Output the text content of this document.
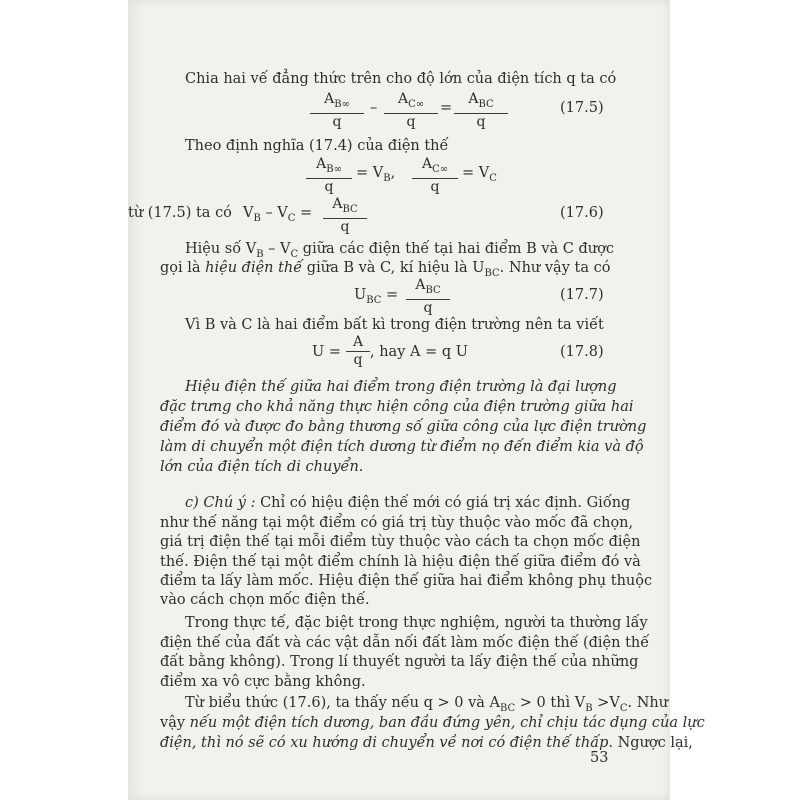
Chia hai vế đẳng thức trên cho độ lớn của điện tích q ta có
$\frac{A_{B\infty}}{q} - \frac{A_{C\infty}}{q}$ =
$A_{BC}$
q
(17.5)
Theo định nghĩa (17.4) của điện thế
$\frac{A_{B\infty}}{q} = V_B$, $\frac{A_{C\infty}}{q} = V_C$
từ (17.5) ta có $V_B - V_C$ =
$A_{BC}$
q
(17.6)
Hiệu số $V_B - V_C$ giữa các điện thế tại hai điểm B và C được
gọi là hiệu điện thế giữa B và C, kí hiệu là $U_{BC}$. Như vậy ta có
$U_{BC}$ =
$A_{BC}$
q
(17.7)
Vì B và C là hai điểm bất kì trong điện trường nên ta viết
$U = \frac{A}{q}$ , hay A = q U	(17.8)
Hiệu điện thế giữa hai điểm trong điện trường là đại lượng
đặc trưng cho khả năng thực hiện công của điện trường giữa hai
điểm đó và được đo bằng thương số giữa công của lực điện trường
làm di chuyển một điện tích dương từ điểm nọ đến điểm kia và độ
lớn của điện tích di chuyển.
c) Chú ý : Chỉ có hiệu điện thế mới có giá trị xác định. Giống
như thế năng tại một điểm có giá trị tùy thuộc vào mốc đã chọn,
giá trị điện thế tại mỗi điểm tùy thuộc vào cách ta chọn mốc điện
thế. Điện thế tại một điểm chính là hiệu điện thế giữa điểm đó và
điểm ta lấy làm mốc. Hiệu điện thế giữa hai điểm không phụ thuộc
vào cách chọn mốc điện thế.
Trong thực tế, đặc biệt trong thực nghiệm, người ta thường lấy
điện thế của đất và các vật dẫn nối đất làm mốc điện thế (điện thế
đất bằng không). Trong lí thuyết người ta lấy điện thế của những
điểm xa vô cực bằng không.
Từ biểu thức (17.6), ta thấy nếu q > 0 và $A_{BC} > 0$ thì $V_B >V_C$. Như
vậy nếu một điện tích dương, ban đầu đứng yên, chỉ chịu tác dụng của lực
điện, thì nó sẽ có xu hướng di chuyển về nơi có điện thế thấp. Ngược lại,
53
